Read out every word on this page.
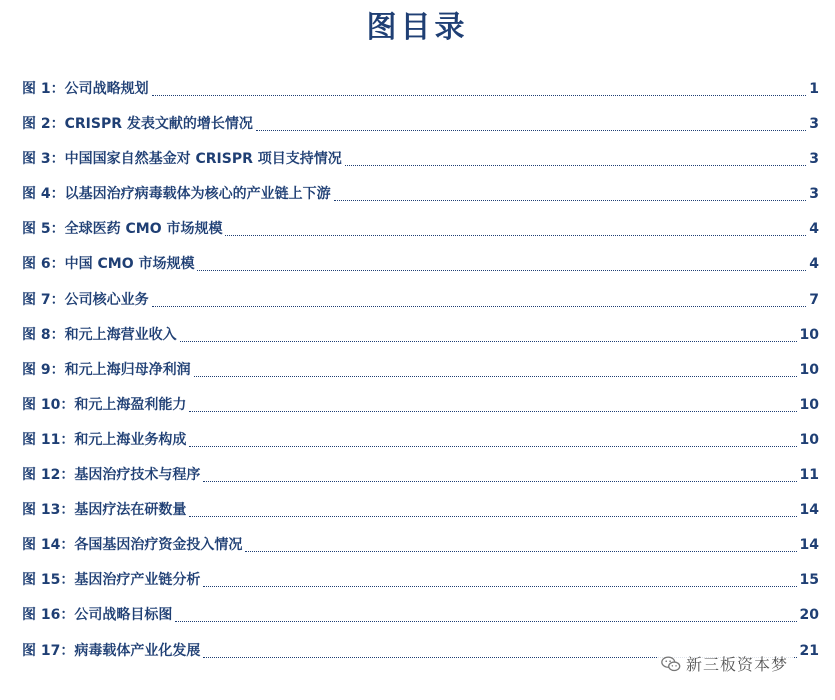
图目录
图 1：公司战略规划	1
图 2：CRISPR 发表文献的增长情况	3
图 3：中国国家自然基金对 CRISPR 项目支持情况	3
图 4：以基因治疗病毒载体为核心的产业链上下游	3
图 5：全球医药 CMO 市场规模	4
图 6：中国 CMO 市场规模	4
图 7：公司核心业务	7
图 8：和元上海营业收入	10
图 9：和元上海归母净利润	10
图 10：和元上海盈利能力	10
图 11：和元上海业务构成	10
图 12：基因治疗技术与程序	11
图 13：基因疗法在研数量	14
图 14：各国基因治疗资金投入情况	14
图 15：基因治疗产业链分析	15
图 16：公司战略目标图	20
图 17：病毒载体产业化发展	21
新三板资本梦
